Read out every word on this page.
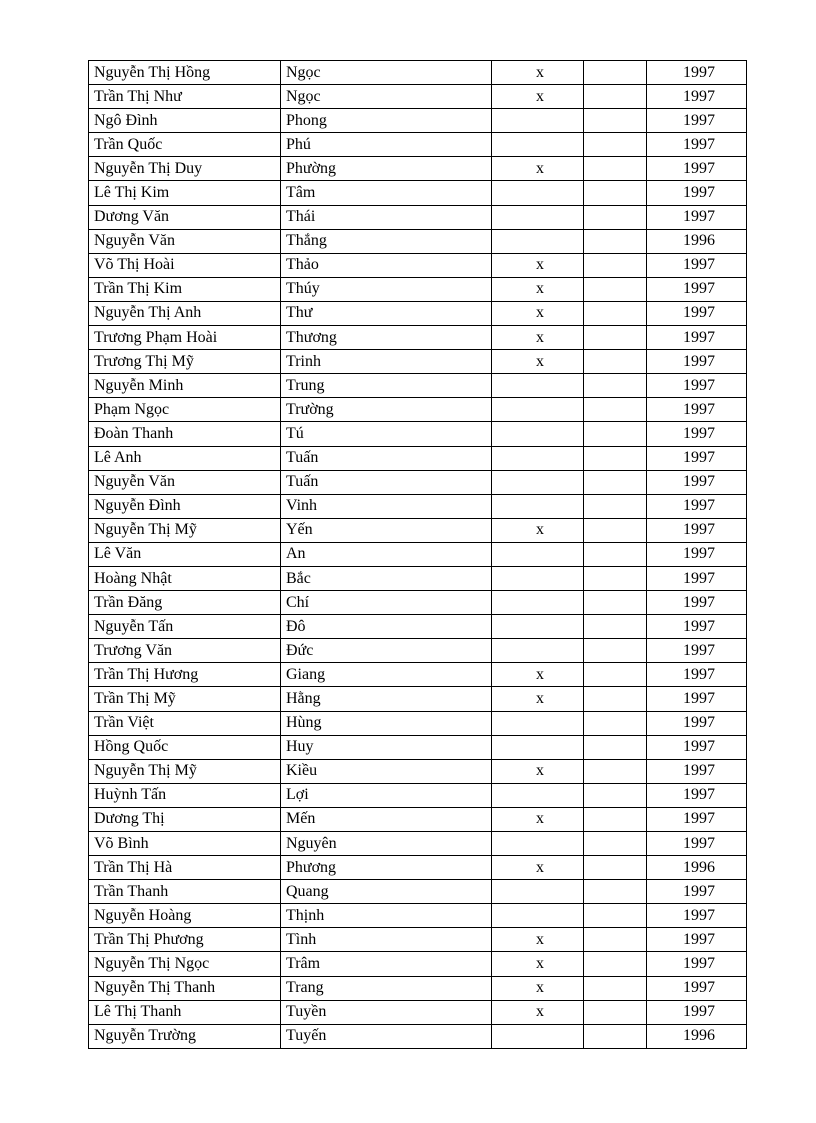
Nguyễn Thị Hồng	Ngọc	x		1997
Trần Thị Như	Ngọc	x		1997
Ngô Đình	Phong			1997
Trần Quốc	Phú			1997
Nguyễn Thị Duy	Phường	x		1997
Lê Thị Kim	Tâm			1997
Dương Văn	Thái			1997
Nguyễn Văn	Thắng			1996
Võ Thị Hoài	Thảo	x		1997
Trần Thị Kim	Thúy	x		1997
Nguyễn Thị Anh	Thư	x		1997
Trương Phạm Hoài	Thương	x		1997
Trương Thị Mỹ	Trinh	x		1997
Nguyễn Minh	Trung			1997
Phạm Ngọc	Trường			1997
Đoàn Thanh	Tú			1997
Lê Anh	Tuấn			1997
Nguyễn Văn	Tuấn			1997
Nguyễn Đình	Vinh			1997
Nguyễn Thị Mỹ	Yến	x		1997
Lê Văn	An			1997
Hoàng Nhật	Bắc			1997
Trần Đăng	Chí			1997
Nguyễn Tấn	Đô			1997
Trương Văn	Đức			1997
Trần Thị Hương	Giang	x		1997
Trần Thị Mỹ	Hằng	x		1997
Trần Việt	Hùng			1997
Hồng Quốc	Huy			1997
Nguyễn Thị Mỹ	Kiều	x		1997
Huỳnh Tấn	Lợi			1997
Dương Thị	Mến	x		1997
Võ Bình	Nguyên			1997
Trần Thị Hà	Phương	x		1996
Trần Thanh	Quang			1997
Nguyễn Hoàng	Thịnh			1997
Trần Thị Phương	Tình	x		1997
Nguyễn Thị Ngọc	Trâm	x		1997
Nguyễn Thị Thanh	Trang	x		1997
Lê Thị Thanh	Tuyền	x		1997
Nguyễn Trường	Tuyến			1996
